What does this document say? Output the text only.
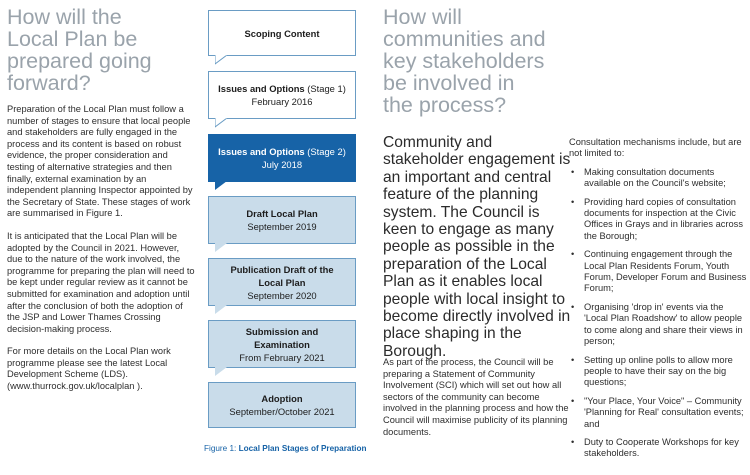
How will the
Local Plan be
prepared going
forward?

Preparation of the Local Plan must follow a number of stages to ensure that local people and stakeholders are fully engaged in the process and its content is based on robust evidence, the proper consideration and testing of alternative strategies and then finally, external examination by an independent planning Inspector appointed by the Secretary of State. These stages of work are summarised in Figure 1.

It is anticipated that the Local Plan will be adopted by the Council in 2021. However, due to the nature of the work involved, the programme for preparing the plan will need to be kept under regular review as it cannot be submitted for examination and adoption until after the conclusion of both the adoption of the JSP and Lower Thames Crossing decision-making process.

For more details on the Local Plan work programme please see the latest Local Development Scheme (LDS). (www.thurrock.gov.uk/localplan ).

Scoping Content
Issues and Options (Stage 1)
February 2016
Issues and Options (Stage 2)
July 2018
Draft Local Plan
September 2019
Publication Draft of the Local Plan
September 2020
Submission and Examination
From February 2021
Adoption
September/October 2021
Figure 1: Local Plan Stages of Preparation
How will
communities and
key stakeholders
be involved in
the process?

Community and stakeholder engagement is an important and central feature of the planning system. The Council is keen to engage as many people as possible in the preparation of the Local Plan as it enables local people with local insight to become directly involved in place shaping in the Borough.

As part of the process, the Council will be preparing a Statement of Community Involvement (SCI) which will set out how all sectors of the community can become involved in the planning process and how the Council will maximise publicity of its planning documents.

Consultation mechanisms include, but are not limited to:

• Making consultation documents available on the Council's website;
• Providing hard copies of consultation documents for inspection at the Civic Offices in Grays and in libraries across the Borough;
• Continuing engagement through the Local Plan Residents Forum, Youth Forum, Developer Forum and Business Forum;
• Organising 'drop in' events via the 'Local Plan Roadshow' to allow people to come along and share their views in person;
• Setting up online polls to allow more people to have their say on the big questions;
• "Your Place, Your Voice" – Community 'Planning for Real' consultation events; and
• Duty to Cooperate Workshops for key stakeholders.
